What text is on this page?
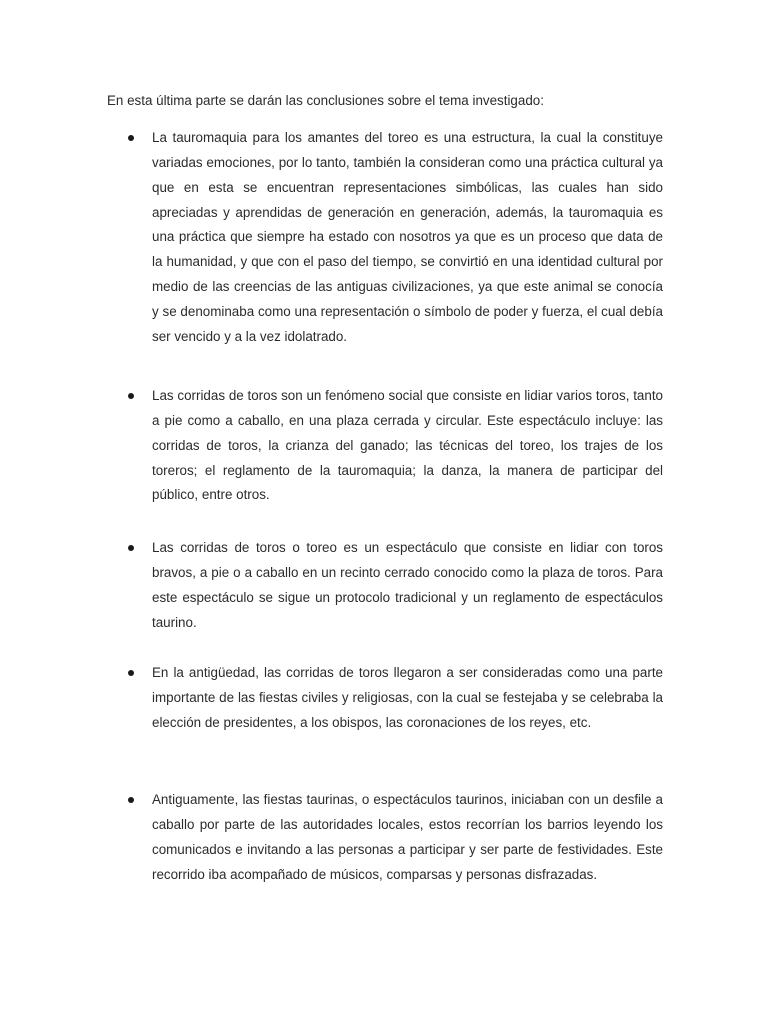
En esta última parte se darán las conclusiones sobre el tema investigado:
La tauromaquia para los amantes del toreo es una estructura, la cual la constituye variadas emociones, por lo tanto, también la consideran como una práctica cultural ya que en esta se encuentran representaciones simbólicas, las cuales han sido apreciadas y aprendidas de generación en generación, además, la tauromaquia es una práctica que siempre ha estado con nosotros ya que es un proceso que data de la humanidad, y que con el paso del tiempo, se convirtió en una identidad cultural por medio de las creencias de las antiguas civilizaciones, ya que este animal se conocía y se denominaba como una representación o símbolo de poder y fuerza, el cual debía ser vencido y a la vez idolatrado.
Las corridas de toros son un fenómeno social que consiste en lidiar varios toros, tanto a pie como a caballo, en una plaza cerrada y circular. Este espectáculo incluye: las corridas de toros, la crianza del ganado; las técnicas del toreo, los trajes de los toreros; el reglamento de la tauromaquia; la danza, la manera de participar del público, entre otros.
Las corridas de toros o toreo es un espectáculo que consiste en lidiar con toros bravos, a pie o a caballo en un recinto cerrado conocido como la plaza de toros. Para este espectáculo se sigue un protocolo tradicional y un reglamento de espectáculos taurino.
En la antigüedad, las corridas de toros llegaron a ser consideradas como una parte importante de las fiestas civiles y religiosas, con la cual se festejaba y se celebraba la elección de presidentes, a los obispos, las coronaciones de los reyes, etc.
Antiguamente, las fiestas taurinas, o espectáculos taurinos, iniciaban con un desfile a caballo por parte de las autoridades locales, estos recorrían los barrios leyendo los comunicados e invitando a las personas a participar y ser parte de festividades. Este recorrido iba acompañado de músicos, comparsas y personas disfrazadas.
